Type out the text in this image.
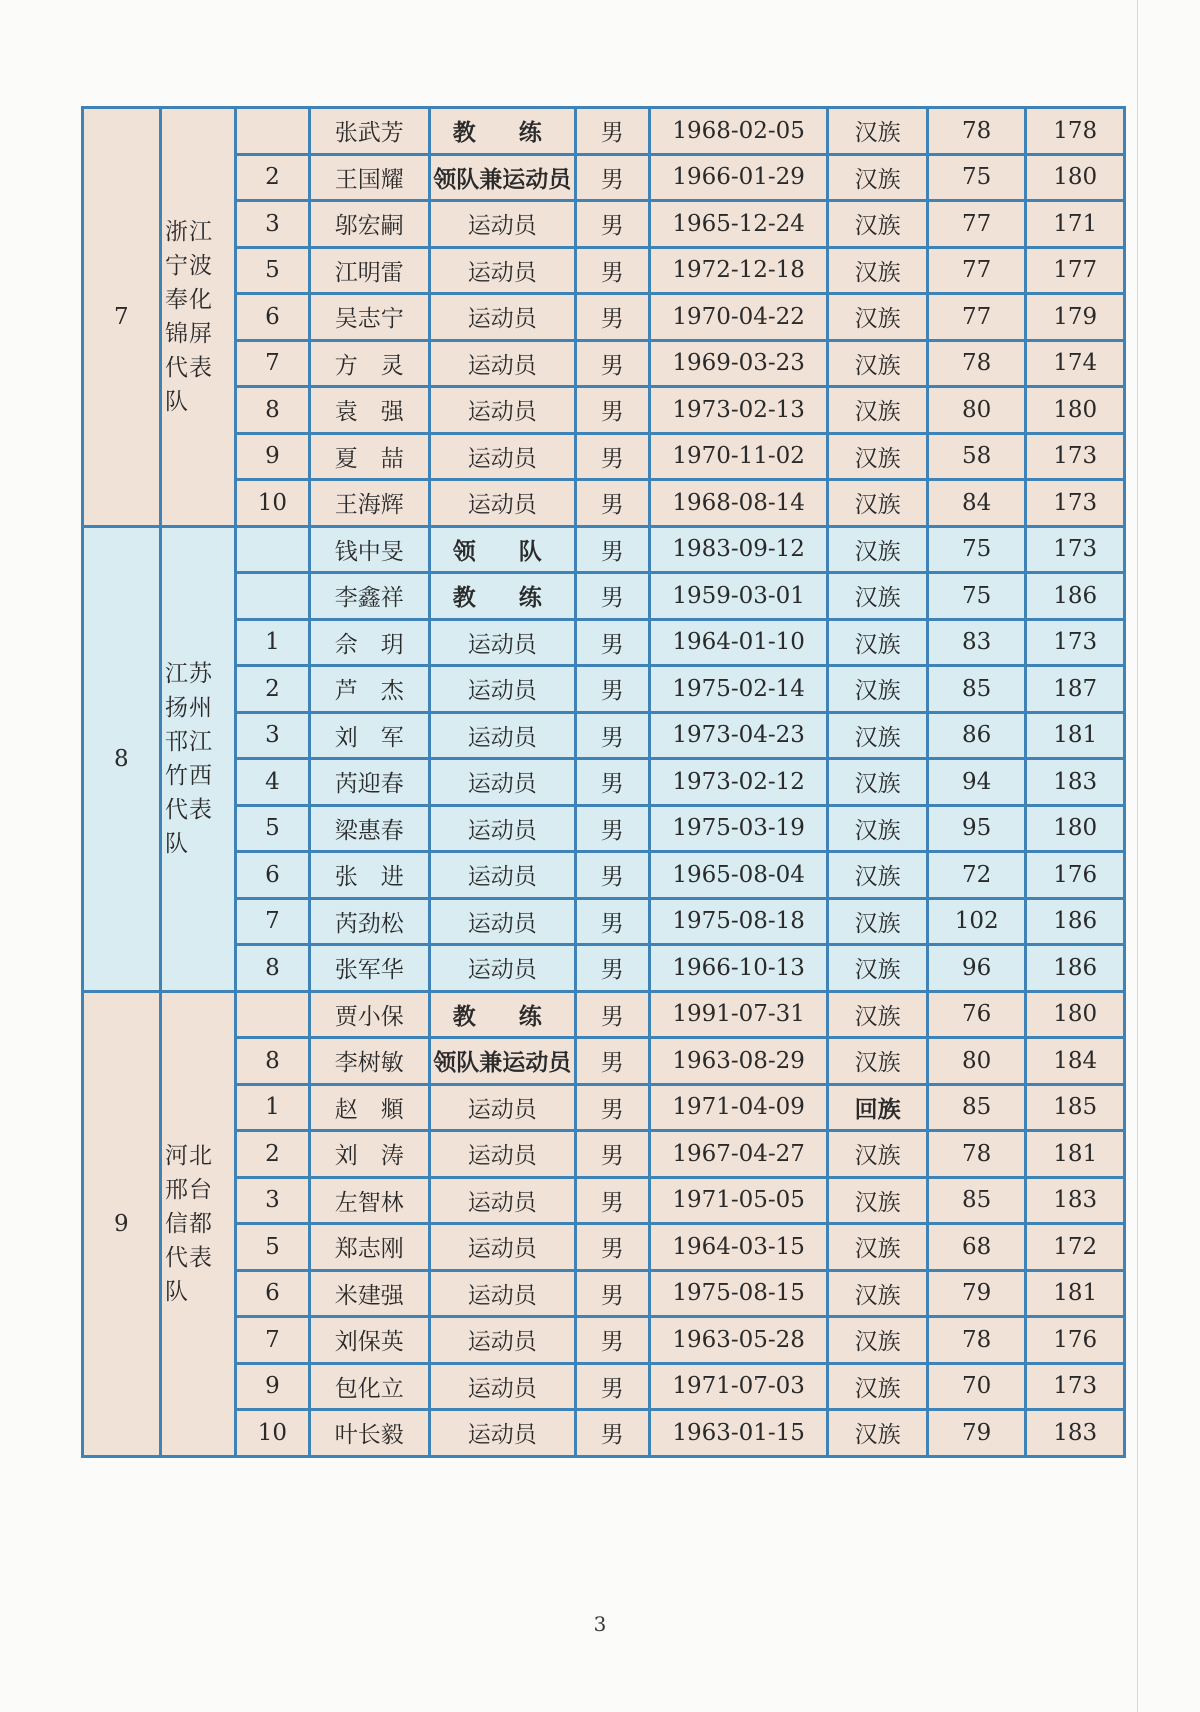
7	浙江宁波奉化锦屏代表队		张武芳	教　练	男	1968-02-05	汉族	78	178
		2	王国耀	领队兼运动员	男	1966-01-29	汉族	75	180
		3	邬宏嗣	运动员	男	1965-12-24	汉族	77	171
		5	江明雷	运动员	男	1972-12-18	汉族	77	177
		6	吴志宁	运动员	男	1970-04-22	汉族	77	179
		7	方　灵	运动员	男	1969-03-23	汉族	78	174
		8	袁　强	运动员	男	1973-02-13	汉族	80	180
		9	夏　喆	运动员	男	1970-11-02	汉族	58	173
		10	王海辉	运动员	男	1968-08-14	汉族	84	173
8	江苏扬州邗江竹西代表队		钱中旻	领　队	男	1983-09-12	汉族	75	173
			李鑫祥	教　练	男	1959-03-01	汉族	75	186
		1	佘　玥	运动员	男	1964-01-10	汉族	83	173
		2	芦　杰	运动员	男	1975-02-14	汉族	85	187
		3	刘　军	运动员	男	1973-04-23	汉族	86	181
		4	芮迎春	运动员	男	1973-02-12	汉族	94	183
		5	梁惠春	运动员	男	1975-03-19	汉族	95	180
		6	张　进	运动员	男	1965-08-04	汉族	72	176
		7	芮劲松	运动员	男	1975-08-18	汉族	102	186
		8	张军华	运动员	男	1966-10-13	汉族	96	186
9	河北邢台信都代表队		贾小保	教　练	男	1991-07-31	汉族	76	180
		8	李树敏	领队兼运动员	男	1963-08-29	汉族	80	184
		1	赵　頫	运动员	男	1971-04-09	回族	85	185
		2	刘　涛	运动员	男	1967-04-27	汉族	78	181
		3	左智林	运动员	男	1971-05-05	汉族	85	183
		5	郑志刚	运动员	男	1964-03-15	汉族	68	172
		6	米建强	运动员	男	1975-08-15	汉族	79	181
		7	刘保英	运动员	男	1963-05-28	汉族	78	176
		9	包化立	运动员	男	1971-07-03	汉族	70	173
		10	叶长毅	运动员	男	1963-01-15	汉族	79	183
3
